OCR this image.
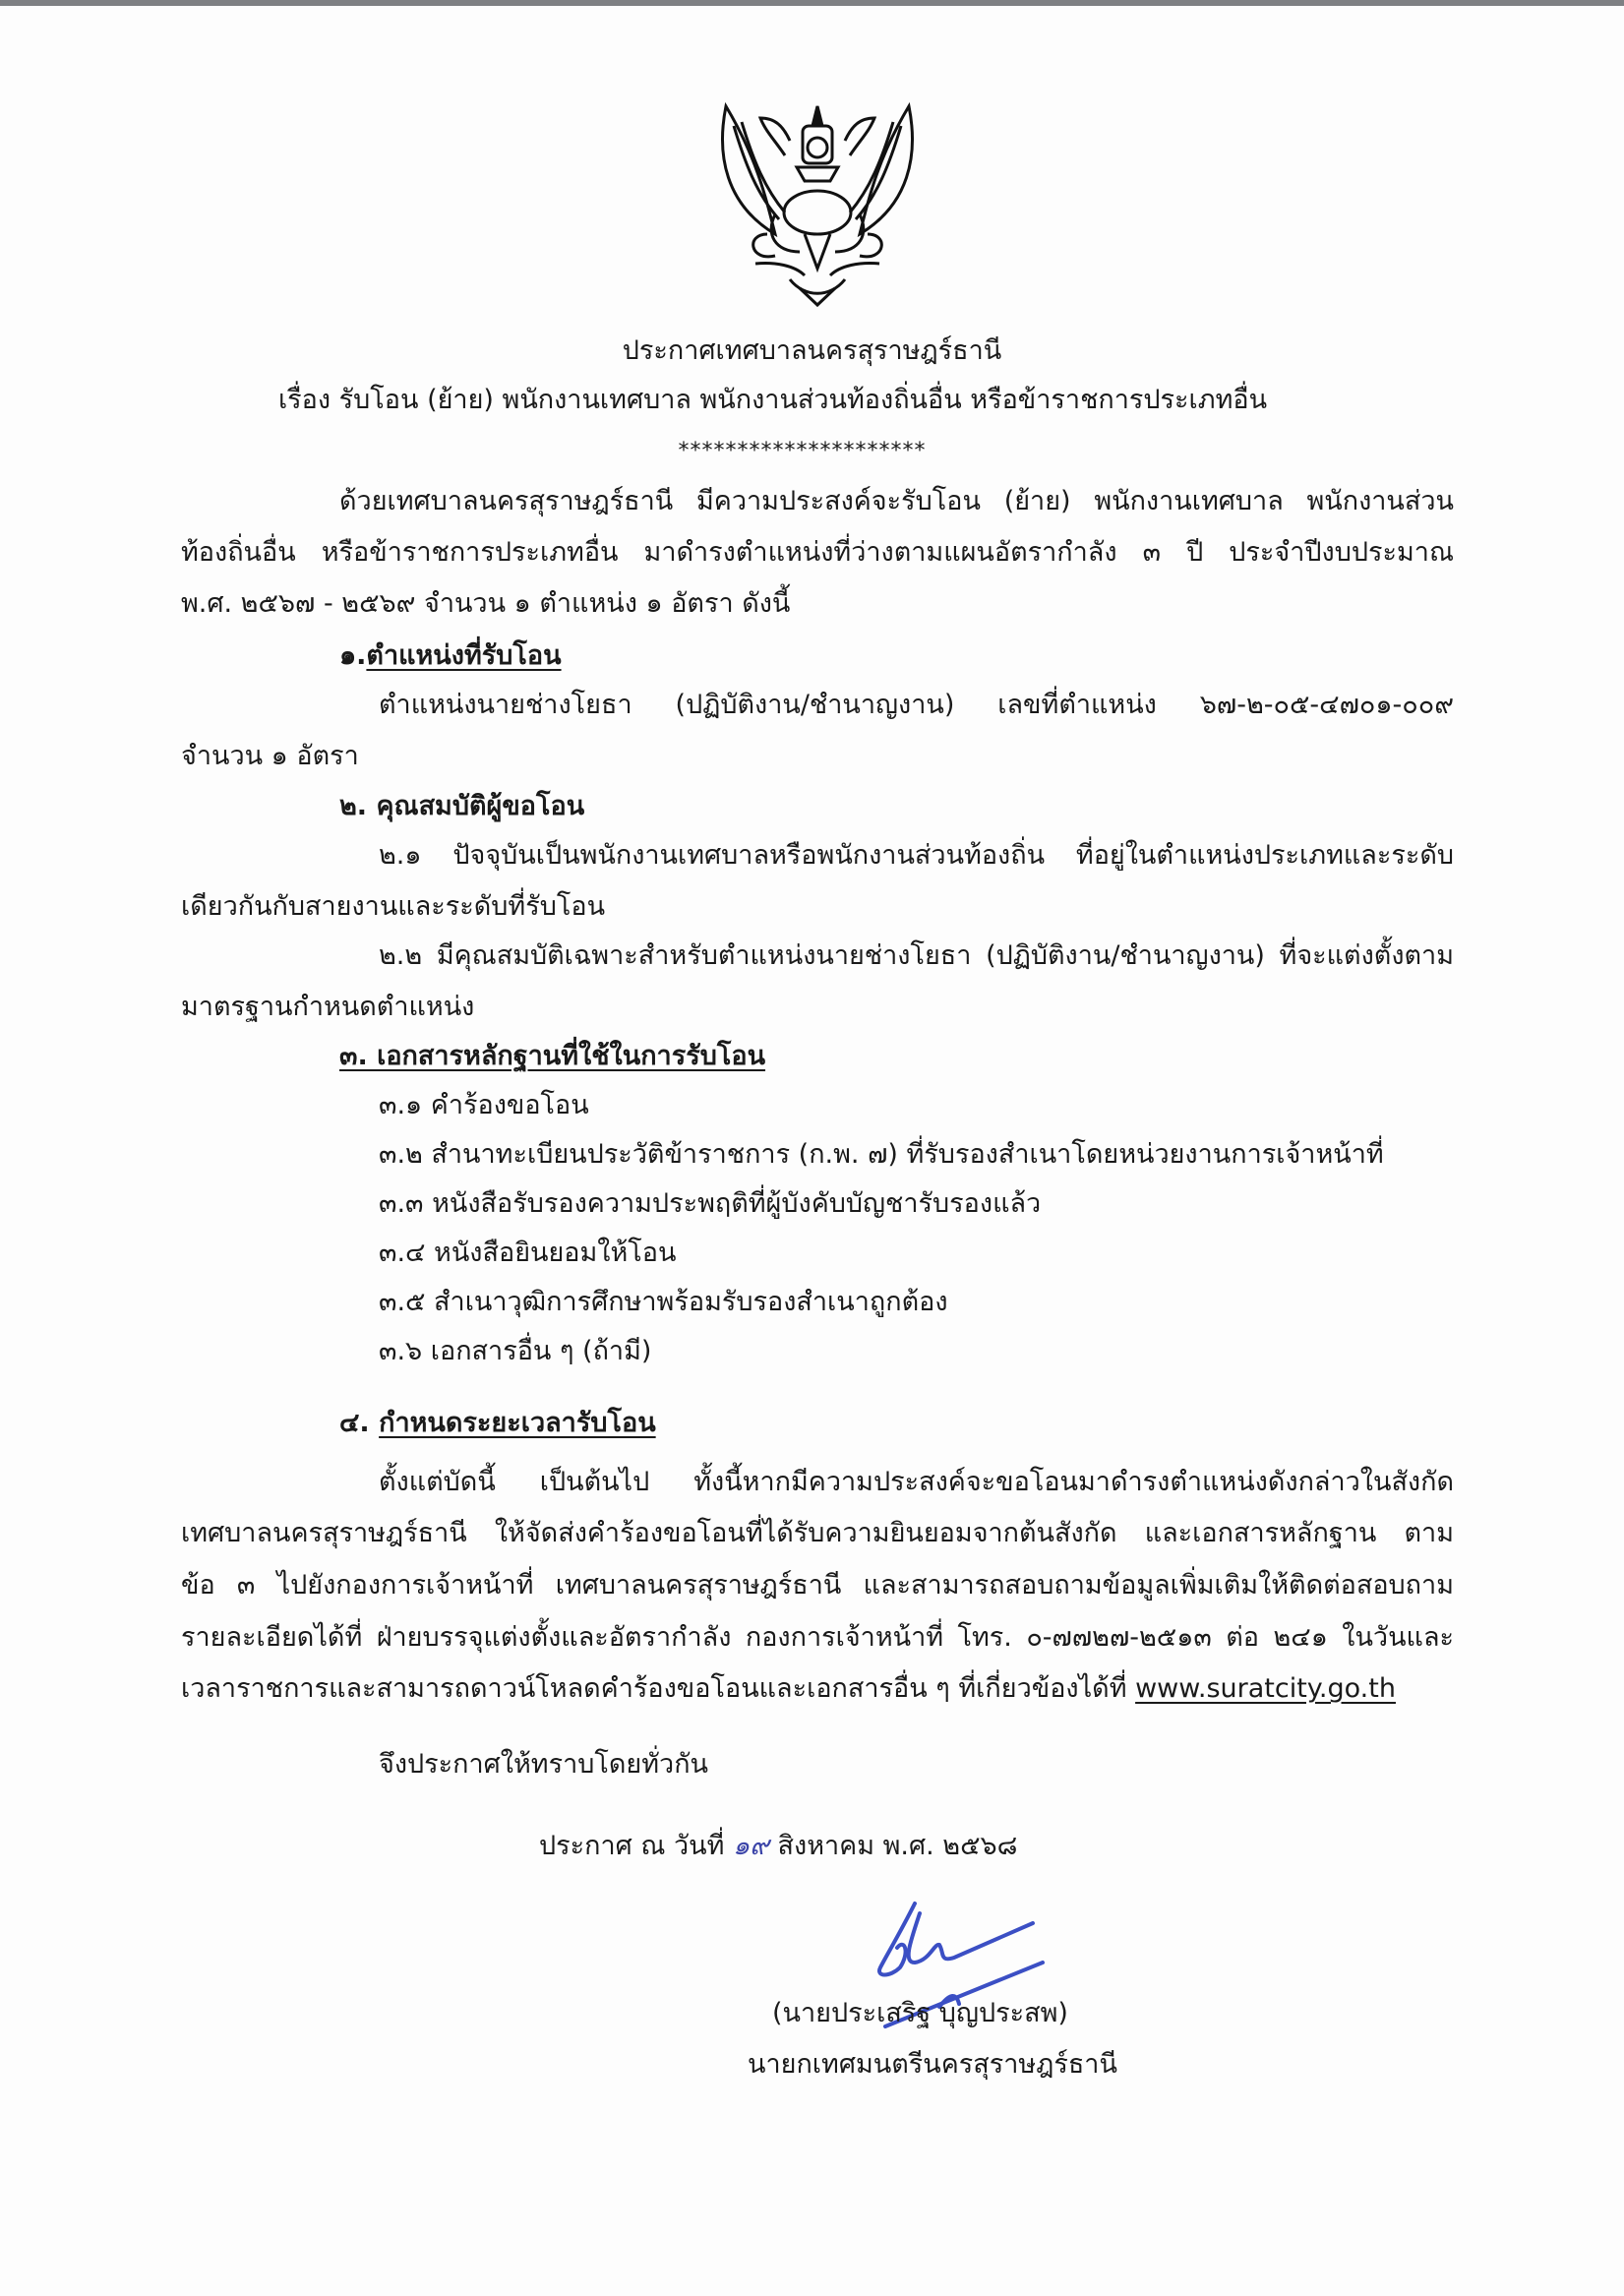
ประกาศเทศบาลนครสุราษฎร์ธานี
เรื่อง รับโอน (ย้าย) พนักงานเทศบาล พนักงานส่วนท้องถิ่นอื่น หรือข้าราชการประเภทอื่น
*********************
ด้วยเทศบาลนครสุราษฎร์ธานี มีความประสงค์จะรับโอน (ย้าย) พนักงานเทศบาล พนักงานส่วน
ท้องถิ่นอื่น หรือข้าราชการประเภทอื่น มาดำรงตำแหน่งที่ว่างตามแผนอัตรากำลัง ๓ ปี ประจำปีงบประมาณ
พ.ศ. ๒๕๖๗ - ๒๕๖๙ จำนวน ๑ ตำแหน่ง ๑ อัตรา ดังนี้
๑.ตำแหน่งที่รับโอน
ตำแหน่งนายช่างโยธา (ปฏิบัติงาน/ชำนาญงาน) เลขที่ตำแหน่ง ๖๗-๒-๐๕-๔๗๐๑-๐๐๙
จำนวน ๑ อัตรา
๒. คุณสมบัติผู้ขอโอน
๒.๑ ปัจจุบันเป็นพนักงานเทศบาลหรือพนักงานส่วนท้องถิ่น ที่อยู่ในตำแหน่งประเภทและระดับ
เดียวกันกับสายงานและระดับที่รับโอน
๒.๒ มีคุณสมบัติเฉพาะสำหรับตำแหน่งนายช่างโยธา (ปฏิบัติงาน/ชำนาญงาน) ที่จะแต่งตั้งตาม
มาตรฐานกำหนดตำแหน่ง
๓. เอกสารหลักฐานที่ใช้ในการรับโอน
๓.๑ คำร้องขอโอน
๓.๒ สำนาทะเบียนประวัติข้าราชการ (ก.พ. ๗) ที่รับรองสำเนาโดยหน่วยงานการเจ้าหน้าที่
๓.๓ หนังสือรับรองความประพฤติที่ผู้บังคับบัญชารับรองแล้ว
๓.๔ หนังสือยินยอมให้โอน
๓.๕ สำเนาวุฒิการศึกษาพร้อมรับรองสำเนาถูกต้อง
๓.๖ เอกสารอื่น ๆ (ถ้ามี)
๔. กำหนดระยะเวลารับโอน
ตั้งแต่บัดนี้ เป็นต้นไป ทั้งนี้หากมีความประสงค์จะขอโอนมาดำรงตำแหน่งดังกล่าวในสังกัด
เทศบาลนครสุราษฎร์ธานี ให้จัดส่งคำร้องขอโอนที่ได้รับความยินยอมจากต้นสังกัด และเอกสารหลักฐาน ตาม
ข้อ ๓ ไปยังกองการเจ้าหน้าที่ เทศบาลนครสุราษฎร์ธานี และสามารถสอบถามข้อมูลเพิ่มเติมให้ติดต่อสอบถาม
รายละเอียดได้ที่ ฝ่ายบรรจุแต่งตั้งและอัตรากำลัง กองการเจ้าหน้าที่ โทร. ๐-๗๗๒๗-๒๕๑๓ ต่อ ๒๔๑ ในวันและ
เวลาราชการและสามารถดาวน์โหลดคำร้องขอโอนและเอกสารอื่น ๆ ที่เกี่ยวข้องได้ที่ www.suratcity.go.th
จึงประกาศให้ทราบโดยทั่วกัน
ประกาศ ณ วันที่ ๑๙ สิงหาคม พ.ศ. ๒๕๖๘
(นายประเสริฐ บุญประสพ)
นายกเทศมนตรีนครสุราษฎร์ธานี
